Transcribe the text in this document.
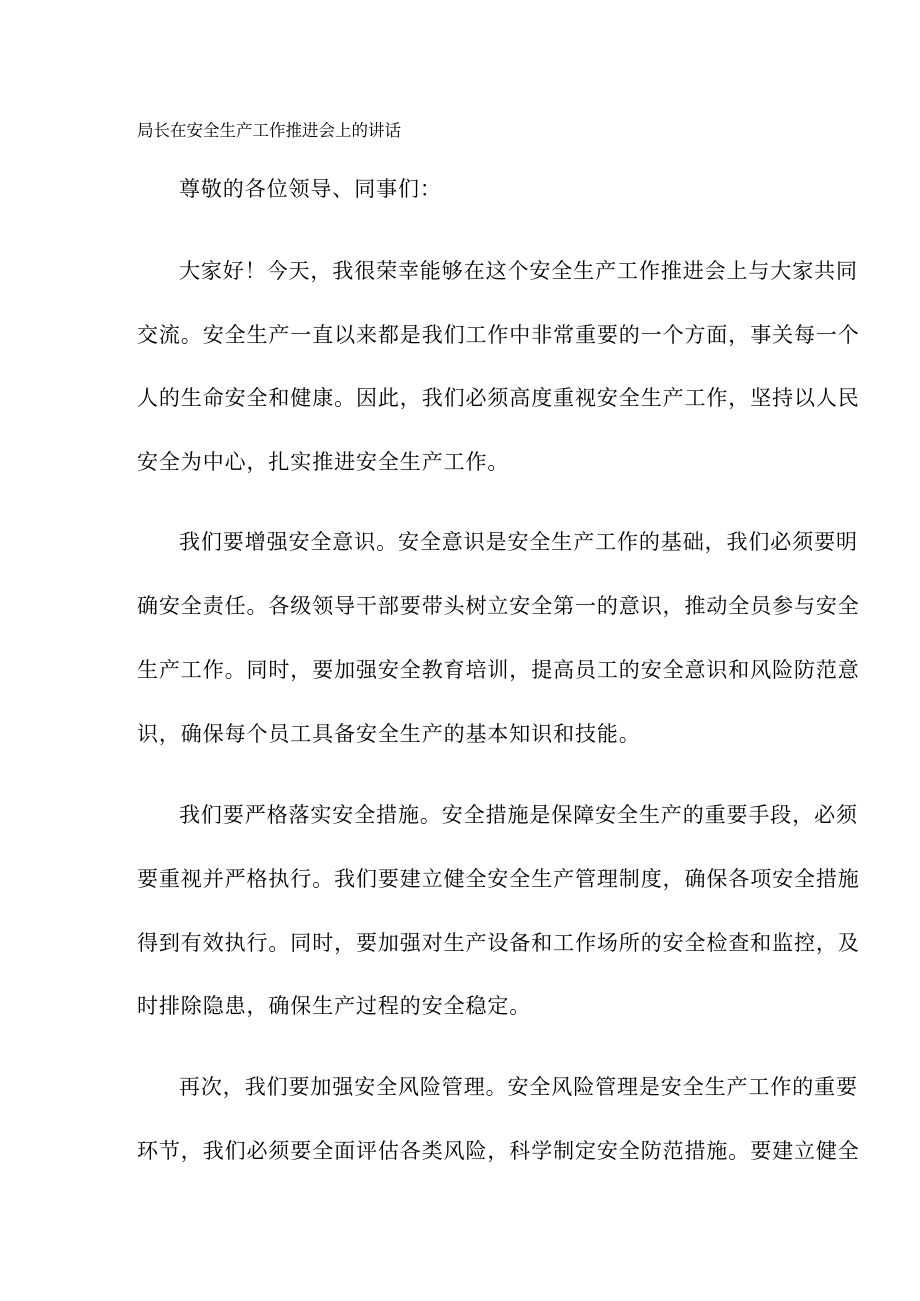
局长在安全生产工作推进会上的讲话
尊敬的各位领导、同事们：
大家好！今天，我很荣幸能够在这个安全生产工作推进会上与大家共同
交流。安全生产一直以来都是我们工作中非常重要的一个方面，事关每一个
人的生命安全和健康。因此，我们必须高度重视安全生产工作，坚持以人民
安全为中心，扎实推进安全生产工作。
我们要增强安全意识。安全意识是安全生产工作的基础，我们必须要明
确安全责任。各级领导干部要带头树立安全第一的意识，推动全员参与安全
生产工作。同时，要加强安全教育培训，提高员工的安全意识和风险防范意
识，确保每个员工具备安全生产的基本知识和技能。
我们要严格落实安全措施。安全措施是保障安全生产的重要手段，必须
要重视并严格执行。我们要建立健全安全生产管理制度，确保各项安全措施
得到有效执行。同时，要加强对生产设备和工作场所的安全检查和监控，及
时排除隐患，确保生产过程的安全稳定。
再次，我们要加强安全风险管理。安全风险管理是安全生产工作的重要
环节，我们必须要全面评估各类风险，科学制定安全防范措施。要建立健全
